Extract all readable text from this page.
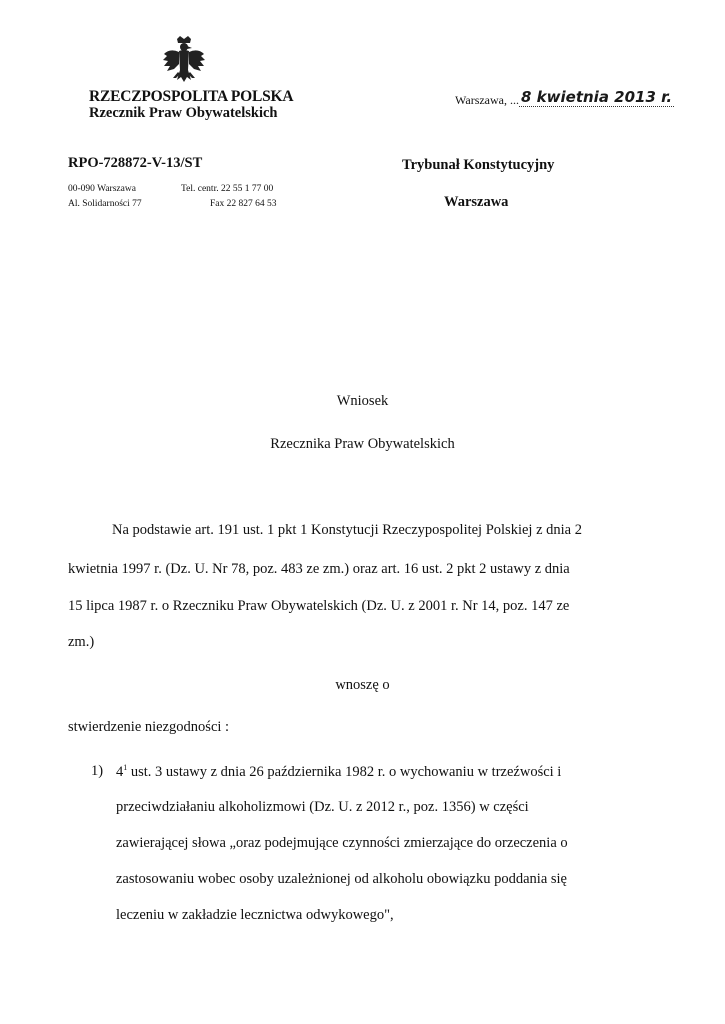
RZECZPOSPOLITA POLSKA
Rzecznik Praw Obywatelskich
Warszawa, ... 8 kwietnia 2013 r.
RPO-728872-V-13/ST
00-090 Warszawa
Al. Solidarności 77
Tel. centr. 22 55 1 77 00
Fax 22 827 64 53
Trybunał Konstytucyjny
Warszawa
Wniosek
Rzecznika Praw Obywatelskich
Na podstawie art. 191 ust. 1 pkt 1 Konstytucji Rzeczypospolitej Polskiej z dnia 2
kwietnia 1997 r. (Dz. U. Nr 78, poz. 483 ze zm.) oraz art. 16 ust. 2 pkt 2 ustawy z dnia
15 lipca 1987 r. o Rzeczniku Praw Obywatelskich (Dz. U. z 2001 r. Nr 14, poz. 147 ze
zm.)
wnoszę o
stwierdzenie niezgodności :
1) $4^1$ ust. 3 ustawy z dnia 26 października 1982 r. o wychowaniu w trzeźwości i
przeciwdziałaniu alkoholizmowi (Dz. U. z 2012 r., poz. 1356) w części
zawierającej słowa „oraz podejmujące czynności zmierzające do orzeczenia o
zastosowaniu wobec osoby uzależnionej od alkoholu obowiązku poddania się
leczeniu w zakładzie lecznictwa odwykowego",
